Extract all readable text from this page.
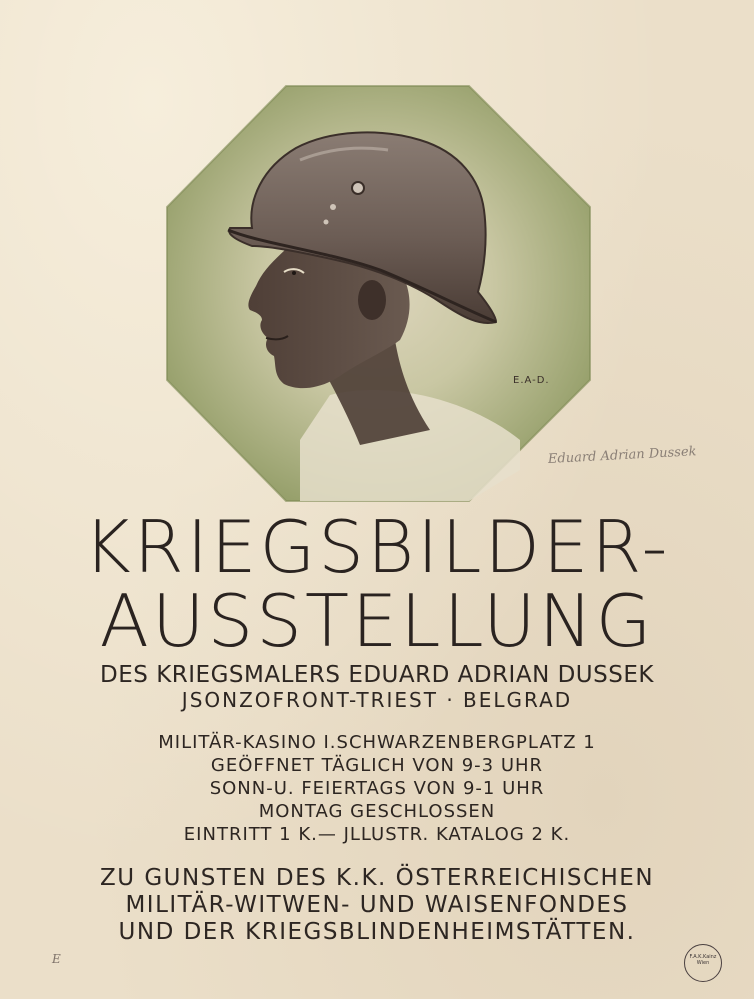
E.A-D.
Eduard Adrian Dussek
KRIEGSBILDER-
AUSSTELLUNG
DES KRIEGSMALERS EDUARD ADRIAN DUSSEK
JSONZOFRONT-TRIEST · BELGRAD
MILITÄR-KASINO I.SCHWARZENBERGPLATZ 1
GEÖFFNET TÄGLICH VON 9-3 UHR
SONN-U. FEIERTAGS VON 9-1 UHR
MONTAG GESCHLOSSEN
EINTRITT 1 K.— JLLUSTR. KATALOG 2 K.
ZU GUNSTEN DES K.K. ÖSTERREICHISCHEN
MILITÄR-WITWEN- UND WAISENFONDES
UND DER KRIEGSBLINDENHEIMSTÄTTEN.
E	F.A.K.Kainz Wien
